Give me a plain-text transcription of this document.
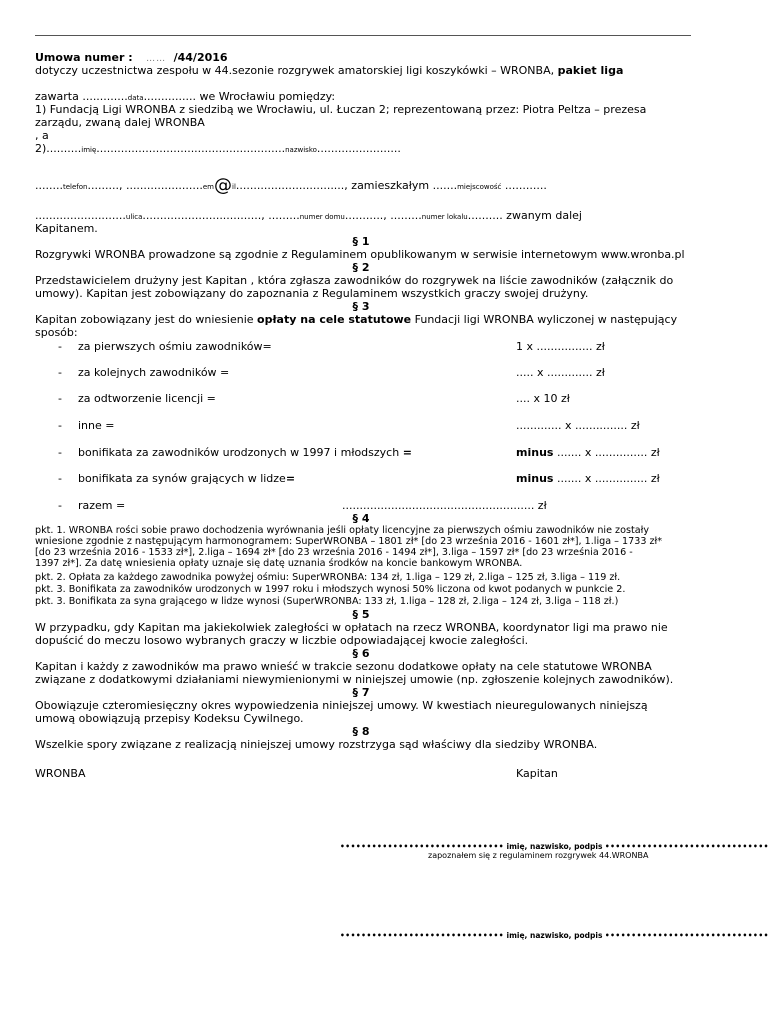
Umowa numer : …… /44/2016
dotyczy uczestnictwa zespołu w 44.sezonie rozgrywek amatorskiej ligi koszykówki – WRONBA, pakiet liga
zawarta .............data............... we Wrocławiu pomiędzy:
1) Fundacją Ligi WRONBA z siedzibą we Wrocławiu, ul. Łuczan 2; reprezentowaną przez: Piotra Peltza – prezesa
zarządu, zwaną dalej WRONBA
, a
2)..........imię......................................................nazwisko........................
........telefon........., ......................em@il..............................., zamieszkałym .......miejscowość ............
..........................ulica.................................., .........numer domu..........., .........numer lokalu.......... zwanym dalej
Kapitanem.
§ 1
Rozgrywki WRONBA prowadzone są zgodnie z Regulaminem opublikowanym w serwisie internetowym www.wronba.pl
§ 2
Przedstawicielem drużyny jest Kapitan , która zgłasza zawodników do rozgrywek na liście zawodników (załącznik do
umowy). Kapitan jest zobowiązany do zapoznania z Regulaminem wszystkich graczy swojej drużyny.
§ 3
Kapitan zobowiązany jest do wniesienie opłaty na cele statutowe Fundacji ligi WRONBA wyliczonej w następujący
sposób:
- za pierwszych ośmiu zawodników=	1 x ................ zł
- za kolejnych zawodników =	..... x ............. zł
- za odtworzenie licencji =	.... x 10 zł
- inne =	............. x ............... zł
- bonifikata za zawodników urodzonych w 1997 i młodszych =	minus ....... x ............... zł
- bonifikata za synów grających w lidze=	minus ....... x ............... zł
- razem =	....................................................... zł
§ 4
pkt. 1. WRONBA rości sobie prawo dochodzenia wyrównania jeśli opłaty licencyjne za pierwszych ośmiu zawodników nie zostały
wniesione zgodnie z następującym harmonogramem: SuperWRONBA – 1801 zł* [do 23 września 2016 - 1601 zł*], 1.liga – 1733 zł*
[do 23 września 2016 - 1533 zł*], 2.liga – 1694 zł* [do 23 września 2016 - 1494 zł*], 3.liga – 1597 zł* [do 23 września 2016 -
1397 zł*]. Za datę wniesienia opłaty uznaje się datę uznania środków na koncie bankowym WRONBA.
pkt. 2. Opłata za każdego zawodnika powyżej ośmiu: SuperWRONBA: 134 zł, 1.liga – 129 zł, 2.liga – 125 zł, 3.liga – 119 zł.
pkt. 3. Bonifikata za zawodników urodzonych w 1997 roku i młodszych wynosi 50% liczona od kwot podanych w punkcie 2.
pkt. 3. Bonifikata za syna grającego w lidze wynosi (SuperWRONBA: 133 zł, 1.liga – 128 zł, 2.liga – 124 zł, 3.liga – 118 zł.)
§ 5
W przypadku, gdy Kapitan ma jakiekolwiek zaległości w opłatach na rzecz WRONBA, koordynator ligi ma prawo nie
dopuścić do meczu losowo wybranych graczy w liczbie odpowiadającej kwocie zaległości.
§ 6
Kapitan i każdy z zawodników ma prawo wnieść w trakcie sezonu dodatkowe opłaty na cele statutowe WRONBA
związane z dodatkowymi działaniami niewymienionymi w niniejszej umowie (np. zgłoszenie kolejnych zawodników).
§ 7
Obowiązuje czteromiesięczny okres wypowiedzenia niniejszej umowy. W kwestiach nieuregulowanych niniejszą
umową obowiązują przepisy Kodeksu Cywilnego.
§ 8
Wszelkie spory związane z realizacją niniejszej umowy rozstrzyga sąd właściwy dla siedziby WRONBA.
WRONBA	Kapitan
••••••••••••••••••••••••••••••• imię, nazwisko, podpis •••••••••••••••••••••••••••••••
zapoznałem się z regulaminem rozgrywek 44.WRONBA
••••••••••••••••••••••••••••••• imię, nazwisko, podpis •••••••••••••••••••••••••••••••
